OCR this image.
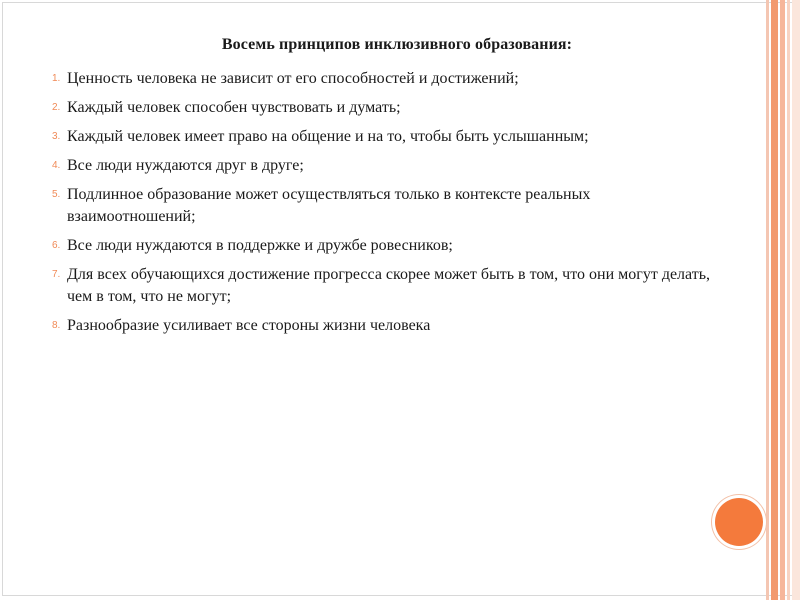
Восемь принципов инклюзивного образования:
1. Ценность человека не зависит от его способностей и достижений;
2. Каждый человек способен чувствовать и думать;
3. Каждый человек имеет право на общение и на то, чтобы быть услышанным;
4. Все люди нуждаются друг в друге;
5. Подлинное образование может осуществляться только в контексте реальных взаимоотношений;
6. Все люди нуждаются в поддержке и дружбе ровесников;
7. Для всех обучающихся достижение прогресса скорее может быть в том, что они могут делать, чем в том, что не могут;
8. Разнообразие усиливает все стороны жизни человека
